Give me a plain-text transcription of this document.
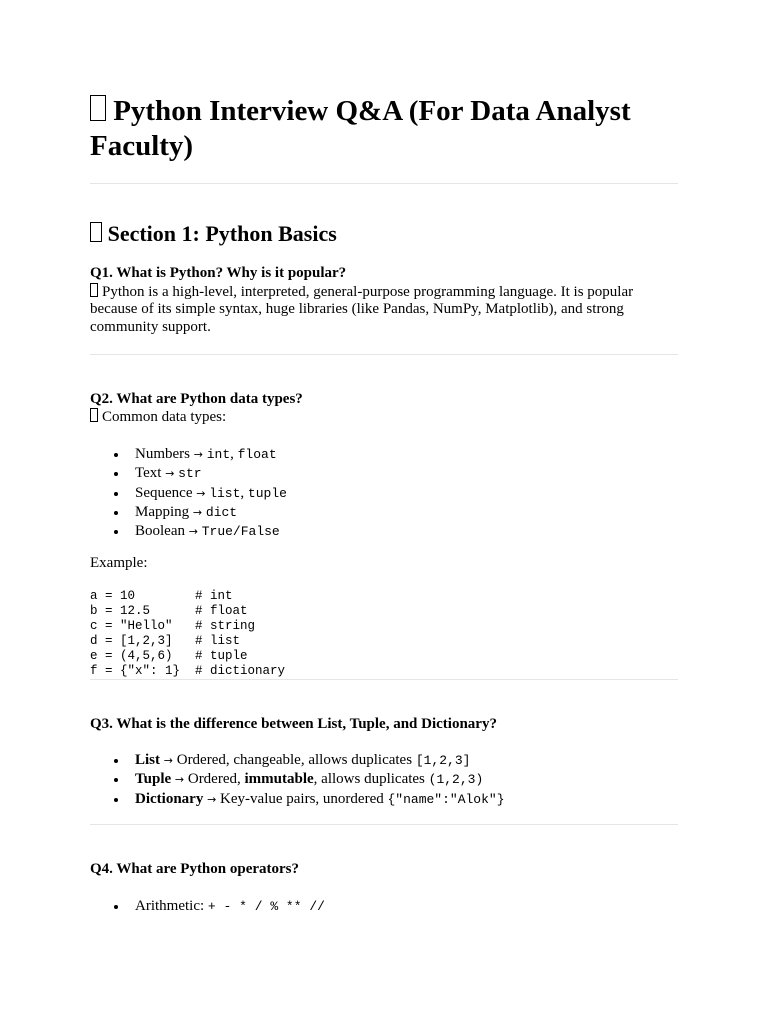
Python Interview Q&A (For Data Analyst Faculty)
Section 1: Python Basics
Q1. What is Python? Why is it popular?
Python is a high-level, interpreted, general-purpose programming language. It is popular because of its simple syntax, huge libraries (like Pandas, NumPy, Matplotlib), and strong community support.
Q2. What are Python data types?
Common data types:
Numbers → int, float
Text → str
Sequence → list, tuple
Mapping → dict
Boolean → True/False
Example:
a = 10        # int
b = 12.5      # float
c = "Hello"   # string
d = [1,2,3]   # list
e = (4,5,6)   # tuple
f = {"x": 1}  # dictionary
Q3. What is the difference between List, Tuple, and Dictionary?
List → Ordered, changeable, allows duplicates [1,2,3]
Tuple → Ordered, immutable, allows duplicates (1,2,3)
Dictionary → Key-value pairs, unordered {"name":"Alok"}
Q4. What are Python operators?
Arithmetic: + - * / % ** //
